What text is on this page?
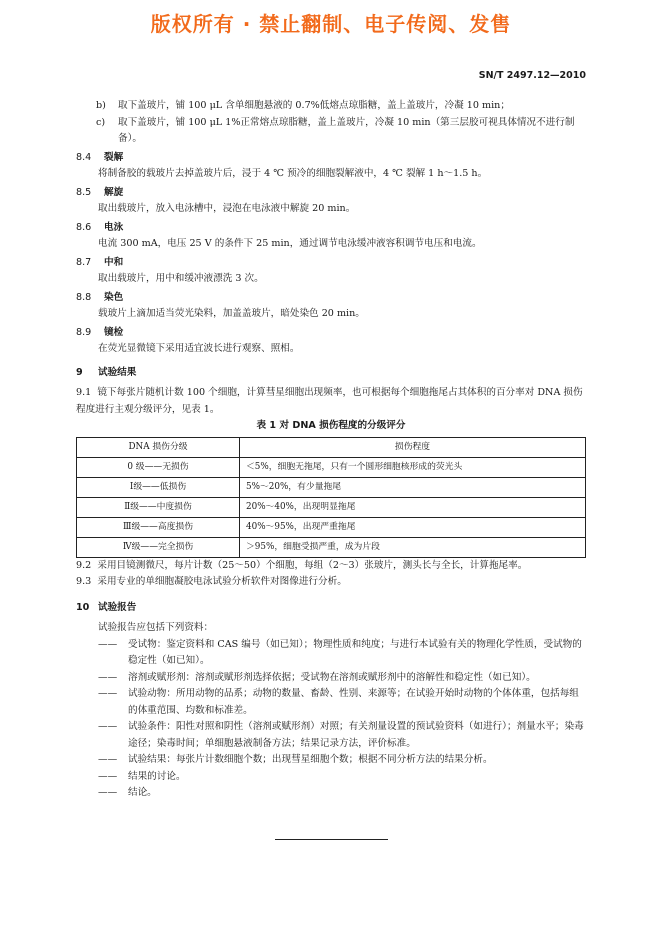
版权所有 · 禁止翻制、电子传阅、发售
SN/T 2497.12—2010
b)	取下盖玻片，铺 100 μL 含单细胞悬液的 0.7%低熔点琼脂糖，盖上盖玻片，冷凝 10 min；
c)	取下盖玻片，铺 100 μL 1%正常熔点琼脂糖，盖上盖玻片，冷凝 10 min（第三层胶可视具体情况不进行制备）。
8.4	裂解
将制备胶的载玻片去掉盖玻片后，浸于 4 ℃ 预冷的细胞裂解液中，4 ℃ 裂解 1 h～1.5 h。
8.5	解旋
取出载玻片，放入电泳槽中，浸泡在电泳液中解旋 20 min。
8.6	电泳
电流 300 mA，电压 25 V 的条件下 25 min，通过调节电泳缓冲液容积调节电压和电流。
8.7	中和
取出载玻片，用中和缓冲液漂洗 3 次。
8.8	染色
载玻片上滴加适当荧光染料，加盖盖玻片，暗处染色 20 min。
8.9	镜检
在荧光显微镜下采用适宜波长进行观察、照相。
9	试验结果
9.1 镜下每张片随机计数 100 个细胞，计算彗星细胞出现频率，也可根据每个细胞拖尾占其体积的百分率对 DNA 损伤程度进行主观分级评分，见表 1。
表 1 对 DNA 损伤程度的分级评分
DNA 损伤分级	损伤程度
0 级——无损伤	＜5%，细胞无拖尾，只有一个圆形细胞核形成的荧光头
Ⅰ级——低损伤	5%～20%，有少量拖尾
Ⅱ级——中度损伤	20%～40%，出现明显拖尾
Ⅲ级——高度损伤	40%～95%，出现严重拖尾
Ⅳ级——完全损伤	＞95%，细胞受损严重，成为片段
9.2 采用目镜测微尺，每片计数（25～50）个细胞，每组（2～3）张玻片，测头长与全长，计算拖尾率。
9.3 采用专业的单细胞凝胶电泳试验分析软件对图像进行分析。
10 试验报告
试验报告应包括下列资料：
——	受试物：鉴定资料和 CAS 编号（如已知）；物理性质和纯度；与进行本试验有关的物理化学性质，受试物的稳定性（如已知）。
——	溶剂或赋形剂：溶剂或赋形剂选择依据；受试物在溶剂或赋形剂中的溶解性和稳定性（如已知）。
——	试验动物：所用动物的品系；动物的数量、畜龄、性别、来源等；在试验开始时动物的个体体重，包括每组的体重范围、均数和标准差。
——	试验条件：阳性对照和阴性（溶剂或赋形剂）对照；有关剂量设置的预试验资料（如进行）；剂量水平；染毒途径；染毒时间；单细胞悬液制备方法；结果记录方法，评价标准。
——	试验结果：每张片计数细胞个数；出现彗星细胞个数；根据不同分析方法的结果分析。
——	结果的讨论。
——	结论。
